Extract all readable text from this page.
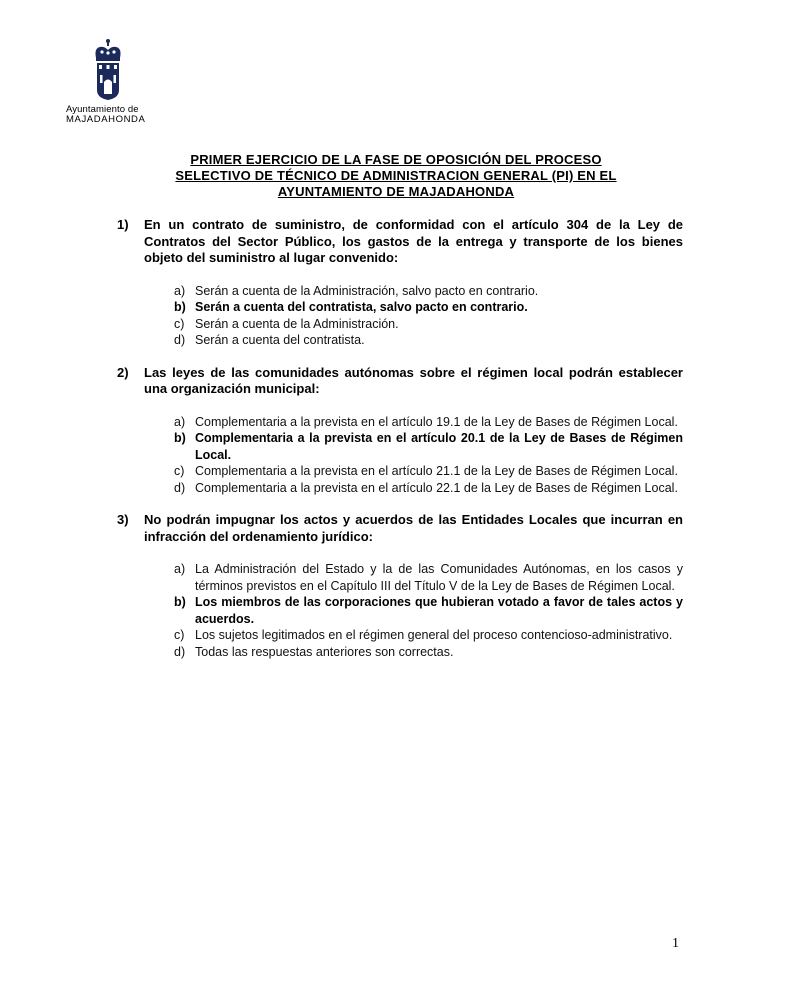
Ayuntamiento de
MAJADAHONDA
PRIMER EJERCICIO DE LA FASE DE OPOSICIÓN DEL PROCESO
SELECTIVO DE TÉCNICO DE ADMINISTRACION GENERAL (PI) EN EL
AYUNTAMIENTO DE MAJADAHONDA
1)	En un contrato de suministro, de conformidad con el artículo 304 de la Ley de Contratos del Sector Público, los gastos de la entrega y transporte de los bienes objeto del suministro al lugar convenido:
a) Serán a cuenta de la Administración, salvo pacto en contrario.
b) Serán a cuenta del contratista, salvo pacto en contrario.
c) Serán a cuenta de la Administración.
d) Serán a cuenta del contratista.
2)	Las leyes de las comunidades autónomas sobre el régimen local podrán establecer una organización municipal:
a) Complementaria a la prevista en el artículo 19.1 de la Ley de Bases de Régimen Local.
b) Complementaria a la prevista en el artículo 20.1 de la Ley de Bases de Régimen Local.
c) Complementaria a la prevista en el artículo 21.1 de la Ley de Bases de Régimen Local.
d) Complementaria a la prevista en el artículo 22.1 de la Ley de Bases de Régimen Local.
3)	No podrán impugnar los actos y acuerdos de las Entidades Locales que incurran en infracción del ordenamiento jurídico:
a) La Administración del Estado y la de las Comunidades Autónomas, en los casos y términos previstos en el Capítulo III del Título V de la Ley de Bases de Régimen Local.
b) Los miembros de las corporaciones que hubieran votado a favor de tales actos y acuerdos.
c) Los sujetos legitimados en el régimen general del proceso contencioso-administrativo.
d) Todas las respuestas anteriores son correctas.
1
